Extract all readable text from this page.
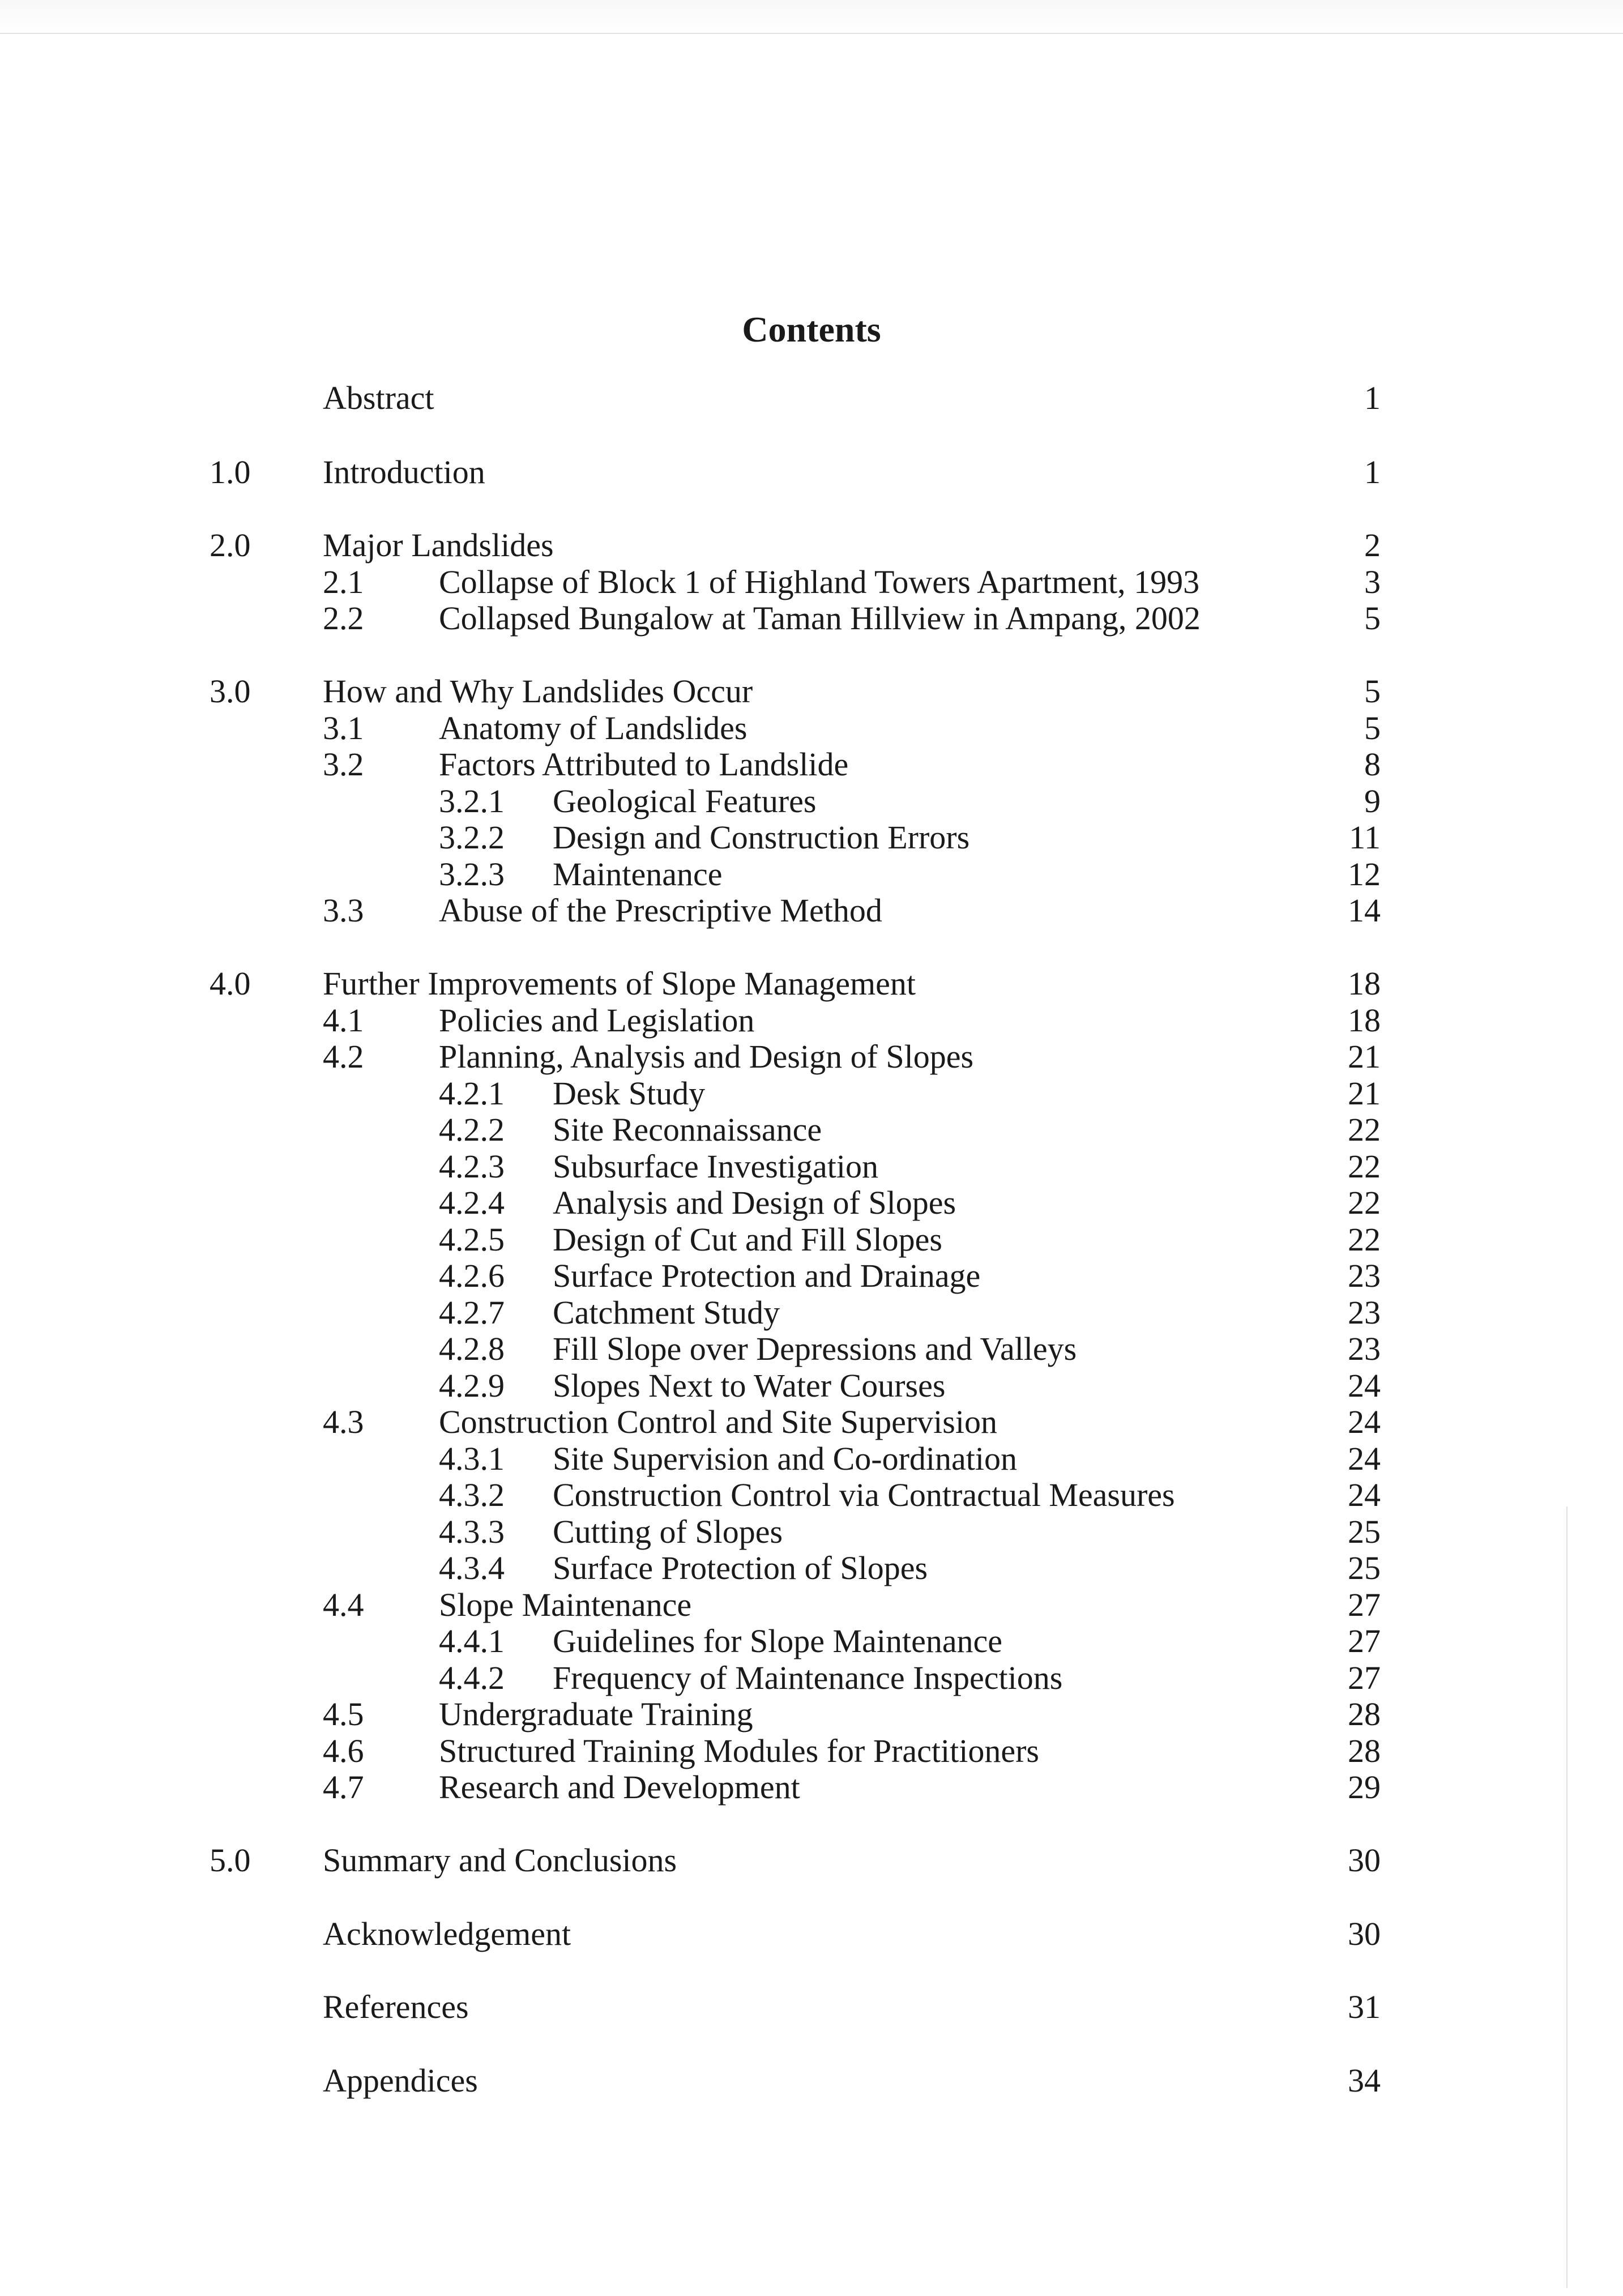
Contents
Abstract	1
1.0 Introduction	1
2.0 Major Landslides	2
2.1 Collapse of Block 1 of Highland Towers Apartment, 1993	3
2.2 Collapsed Bungalow at Taman Hillview in Ampang, 2002	5
3.0 How and Why Landslides Occur	5
3.1 Anatomy of Landslides	5
3.2 Factors Attributed to Landslide	8
3.2.1 Geological Features	9
3.2.2 Design and Construction Errors	11
3.2.3 Maintenance	12
3.3 Abuse of the Prescriptive Method	14
4.0 Further Improvements of Slope Management	18
4.1 Policies and Legislation	18
4.2 Planning, Analysis and Design of Slopes	21
4.2.1 Desk Study	21
4.2.2 Site Reconnaissance	22
4.2.3 Subsurface Investigation	22
4.2.4 Analysis and Design of Slopes	22
4.2.5 Design of Cut and Fill Slopes	22
4.2.6 Surface Protection and Drainage	23
4.2.7 Catchment Study	23
4.2.8 Fill Slope over Depressions and Valleys	23
4.2.9 Slopes Next to Water Courses	24
4.3 Construction Control and Site Supervision	24
4.3.1 Site Supervision and Co-ordination	24
4.3.2 Construction Control via Contractual Measures	24
4.3.3 Cutting of Slopes	25
4.3.4 Surface Protection of Slopes	25
4.4 Slope Maintenance	27
4.4.1 Guidelines for Slope Maintenance	27
4.4.2 Frequency of Maintenance Inspections	27
4.5 Undergraduate Training	28
4.6 Structured Training Modules for Practitioners	28
4.7 Research and Development	29
5.0 Summary and Conclusions	30
Acknowledgement	30
References	31
Appendices	34
